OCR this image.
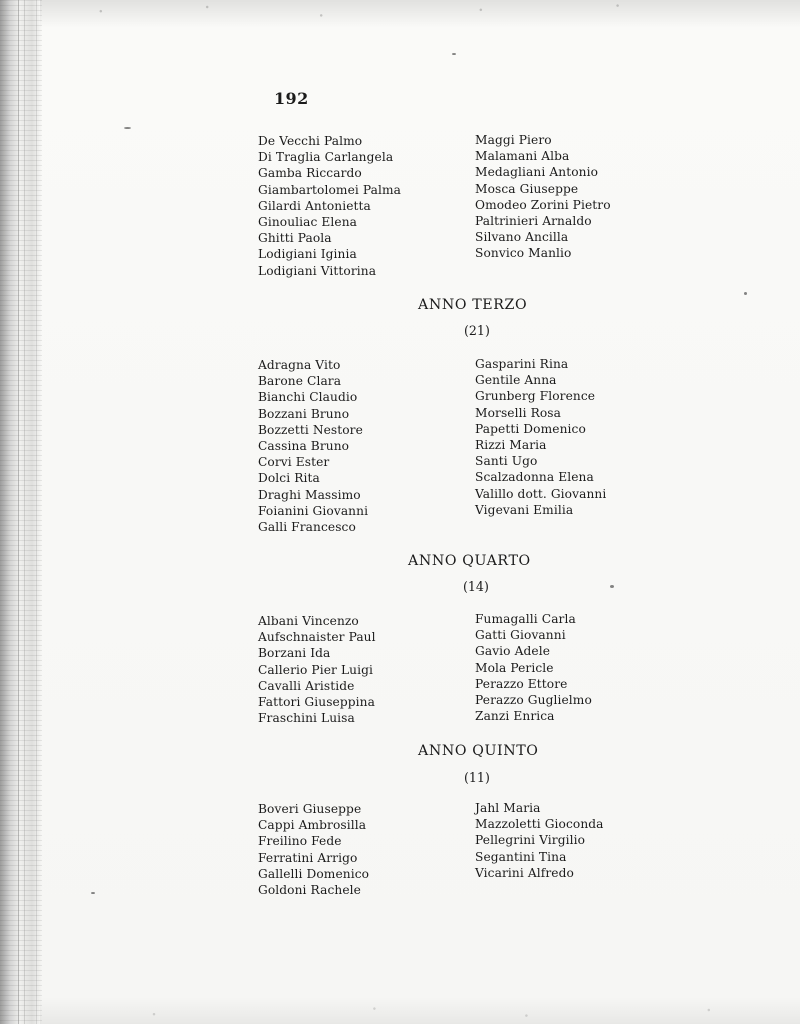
192
De Vecchi Palmo
Di Traglia Carlangela
Gamba Riccardo
Giambartolomei Palma
Gilardi Antonietta
Ginouliac Elena
Ghitti Paola
Lodigiani Iginia
Lodigiani Vittorina
Maggi Piero
Malamani Alba
Medagliani Antonio
Mosca Giuseppe
Omodeo Zorini Pietro
Paltrinieri Arnaldo
Silvano Ancilla
Sonvico Manlio
ANNO TERZO
(21)
Adragna Vito
Barone Clara
Bianchi Claudio
Bozzani Bruno
Bozzetti Nestore
Cassina Bruno
Corvi Ester
Dolci Rita
Draghi Massimo
Foianini Giovanni
Galli Francesco
Gasparini Rina
Gentile Anna
Grunberg Florence
Morselli Rosa
Papetti Domenico
Rizzi Maria
Santi Ugo
Scalzadonna Elena
Valillo dott. Giovanni
Vigevani Emilia
ANNO QUARTO
(14)
Albani Vincenzo
Aufschnaister Paul
Borzani Ida
Callerio Pier Luigi
Cavalli Aristide
Fattori Giuseppina
Fraschini Luisa
Fumagalli Carla
Gatti Giovanni
Gavio Adele
Mola Pericle
Perazzo Ettore
Perazzo Guglielmo
Zanzi Enrica
ANNO QUINTO
(11)
Boveri Giuseppe
Cappi Ambrosilla
Freilino Fede
Ferratini Arrigo
Gallelli Domenico
Goldoni Rachele
Jahl Maria
Mazzoletti Gioconda
Pellegrini Virgilio
Segantini Tina
Vicarini Alfredo
